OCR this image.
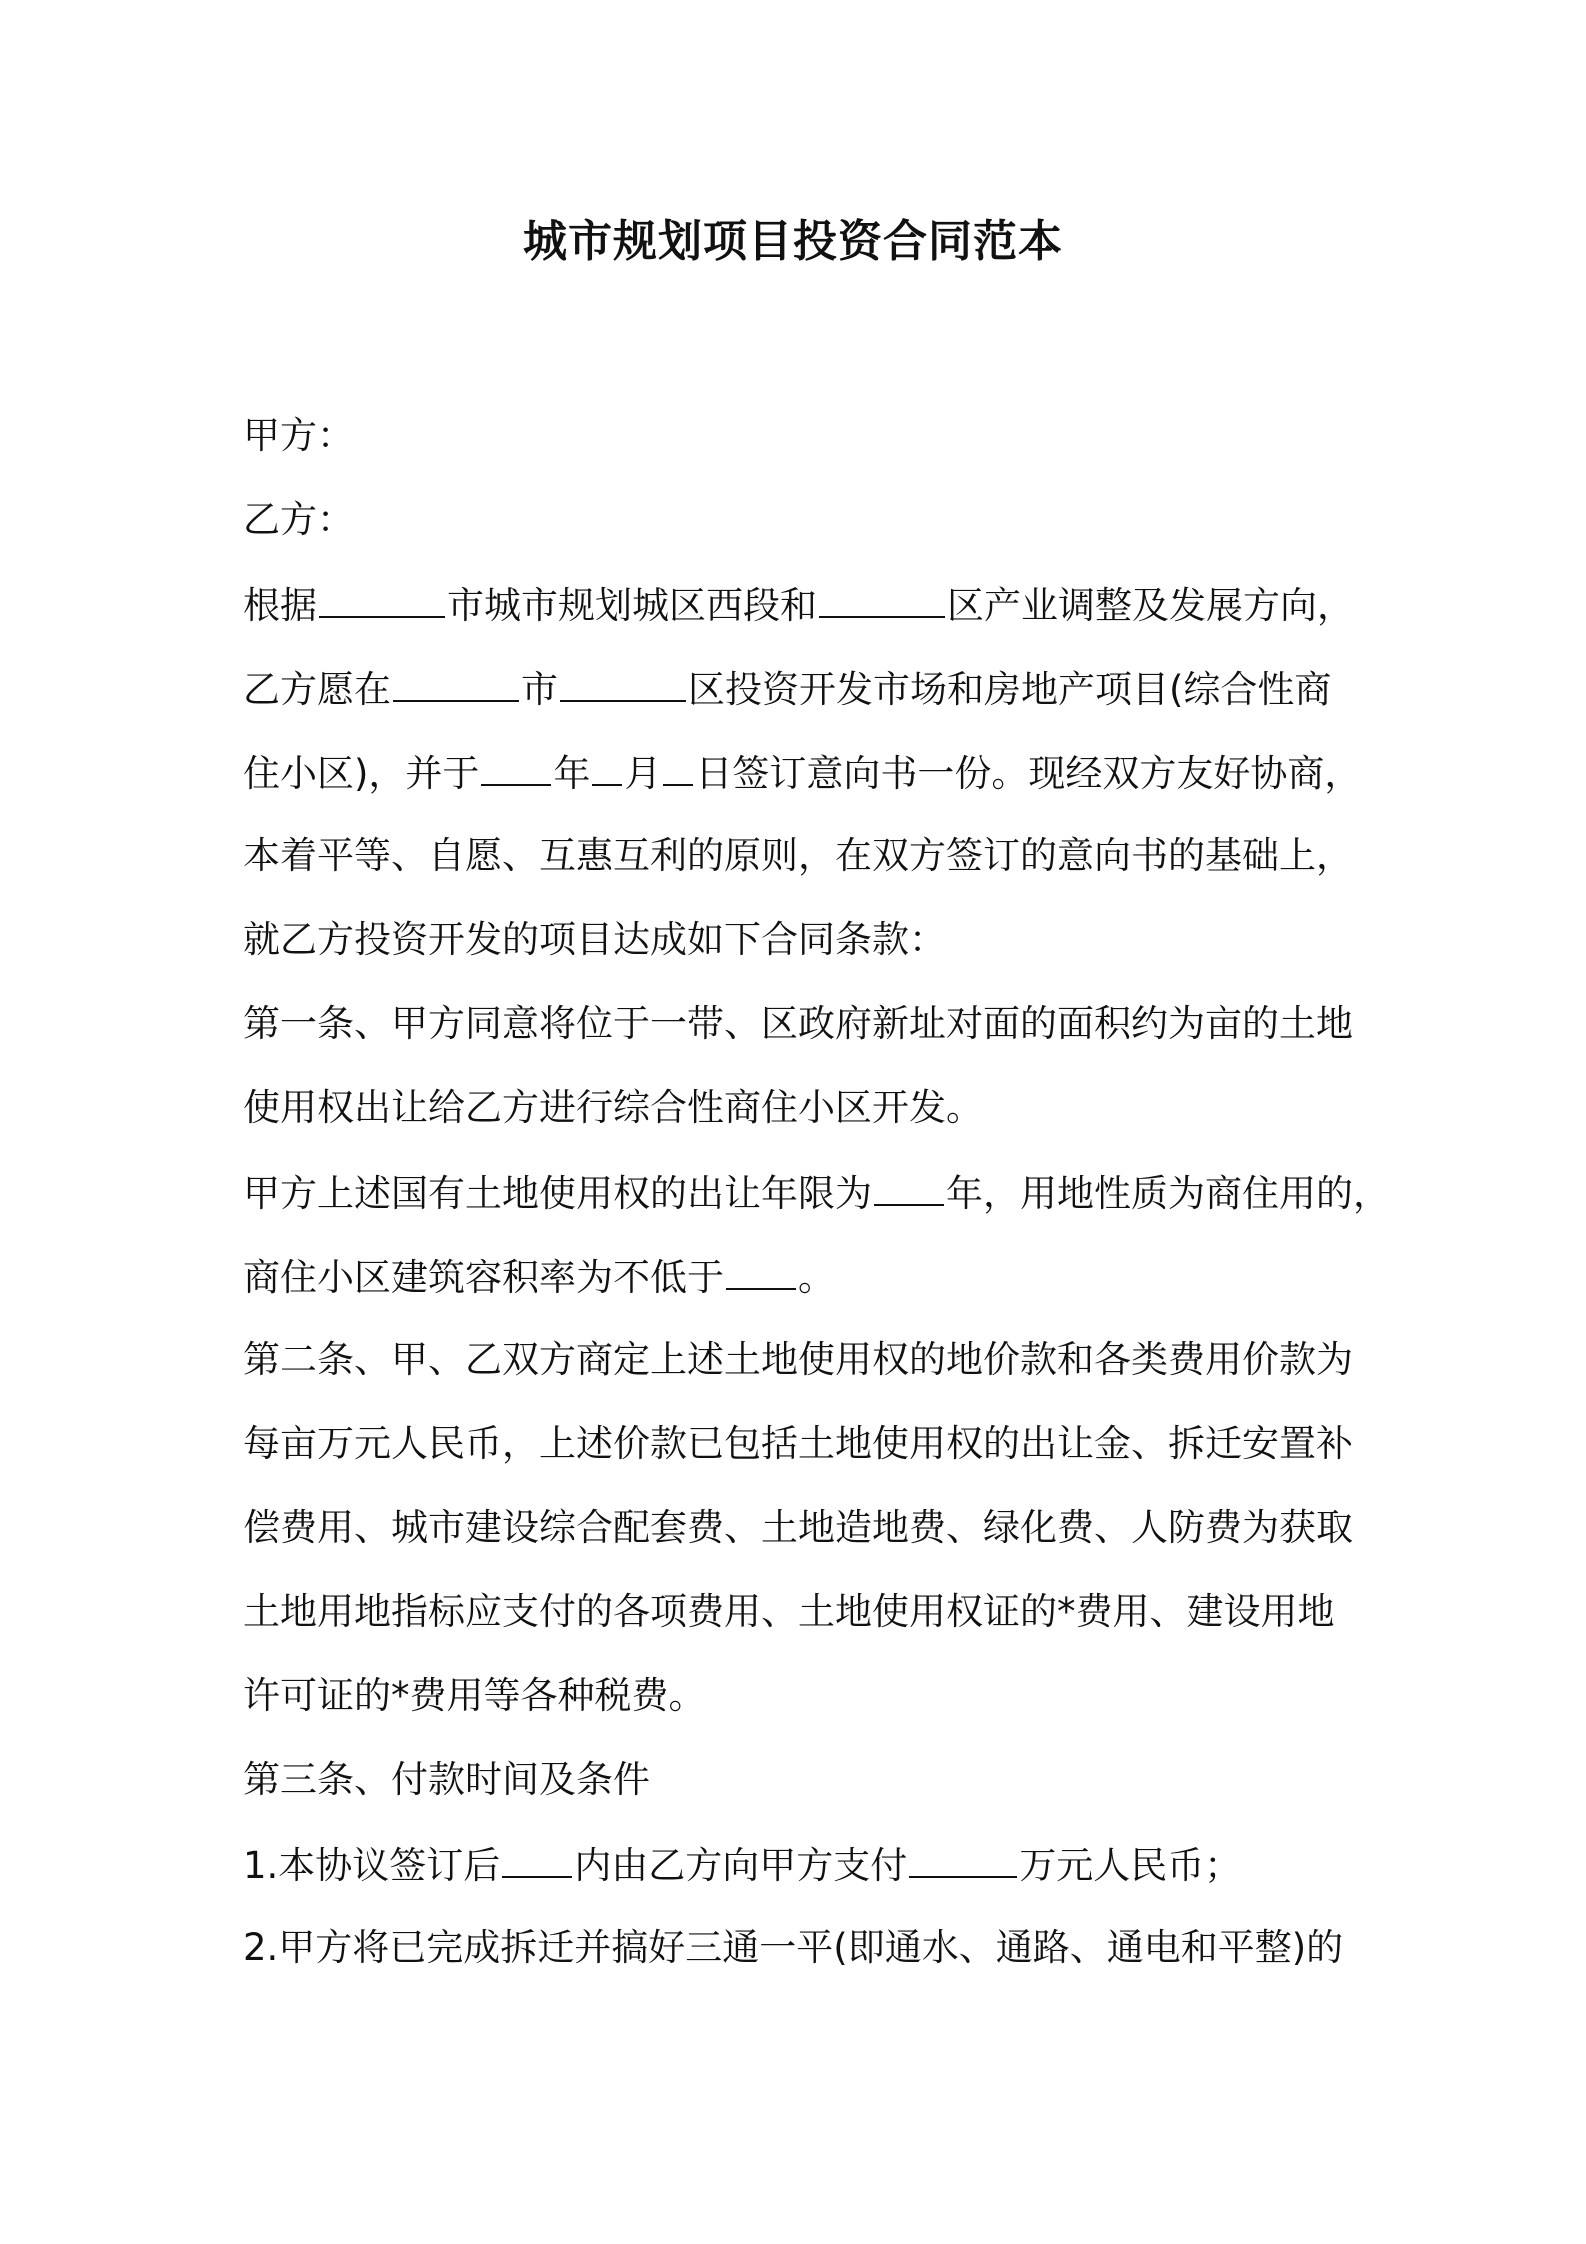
城市规划项目投资合同范本
甲方：
乙方：
根据	市城市规划城区西段和	区产业调整及发展方向，
乙方愿在	市	区投资开发市场和房地产项目(综合性商
住小区)，并于 年 月 日签订意向书一份。现经双方友好协商，
本着平等、自愿、互惠互利的原则，在双方签订的意向书的基础上，
就乙方投资开发的项目达成如下合同条款：
第一条、甲方同意将位于一带、区政府新址对面的面积约为亩的土地
使用权出让给乙方进行综合性商住小区开发。
甲方上述国有土地使用权的出让年限为 年，用地性质为商住用的，
商住小区建筑容积率为不低于 。
第二条、甲、乙双方商定上述土地使用权的地价款和各类费用价款为
每亩万元人民币，上述价款已包括土地使用权的出让金、拆迁安置补
偿费用、城市建设综合配套费、土地造地费、绿化费、人防费为获取
土地用地指标应支付的各项费用、土地使用权证的*费用、建设用地
许可证的*费用等各种税费。
第三条、付款时间及条件
1.本协议签订后 内由乙方向甲方支付	万元人民币；
2.甲方将已完成拆迁并搞好三通一平(即通水、通路、通电和平整)的
